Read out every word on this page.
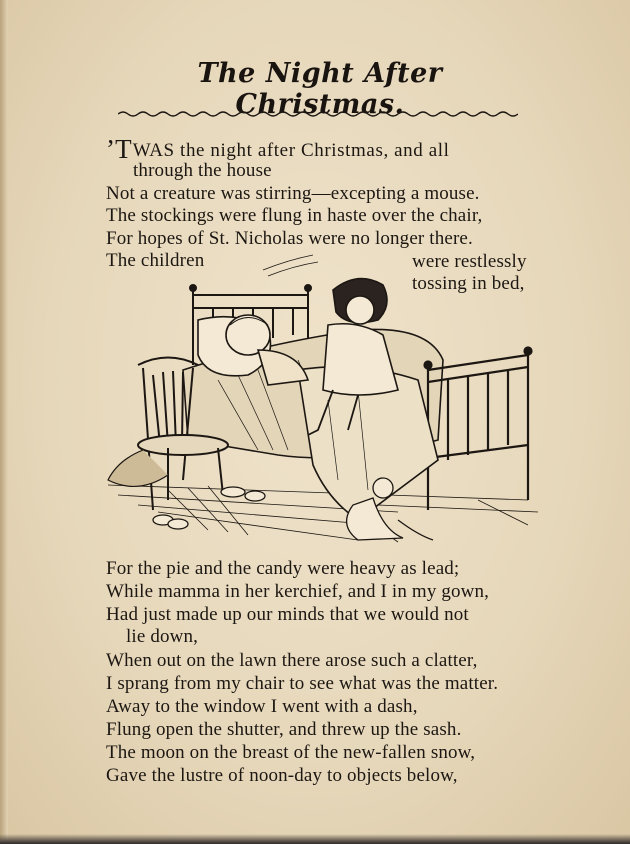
The Night After Christmas.
’TWAS the night after Christmas, and all
through the house
Not a creature was stirring—excepting a mouse.
The stockings were flung in haste over the chair,
For hopes of St. Nicholas were no longer there.
The children	were restlessly
tossing in bed,
For the pie and the candy were heavy as lead;
While mamma in her kerchief, and I in my gown,
Had just made up our minds that we would not
lie down,
When out on the lawn there arose such a clatter,
I sprang from my chair to see what was the matter.
Away to the window I went with a dash,
Flung open the shutter, and threw up the sash.
The moon on the breast of the new-fallen snow,
Gave the lustre of noon-day to objects below,
